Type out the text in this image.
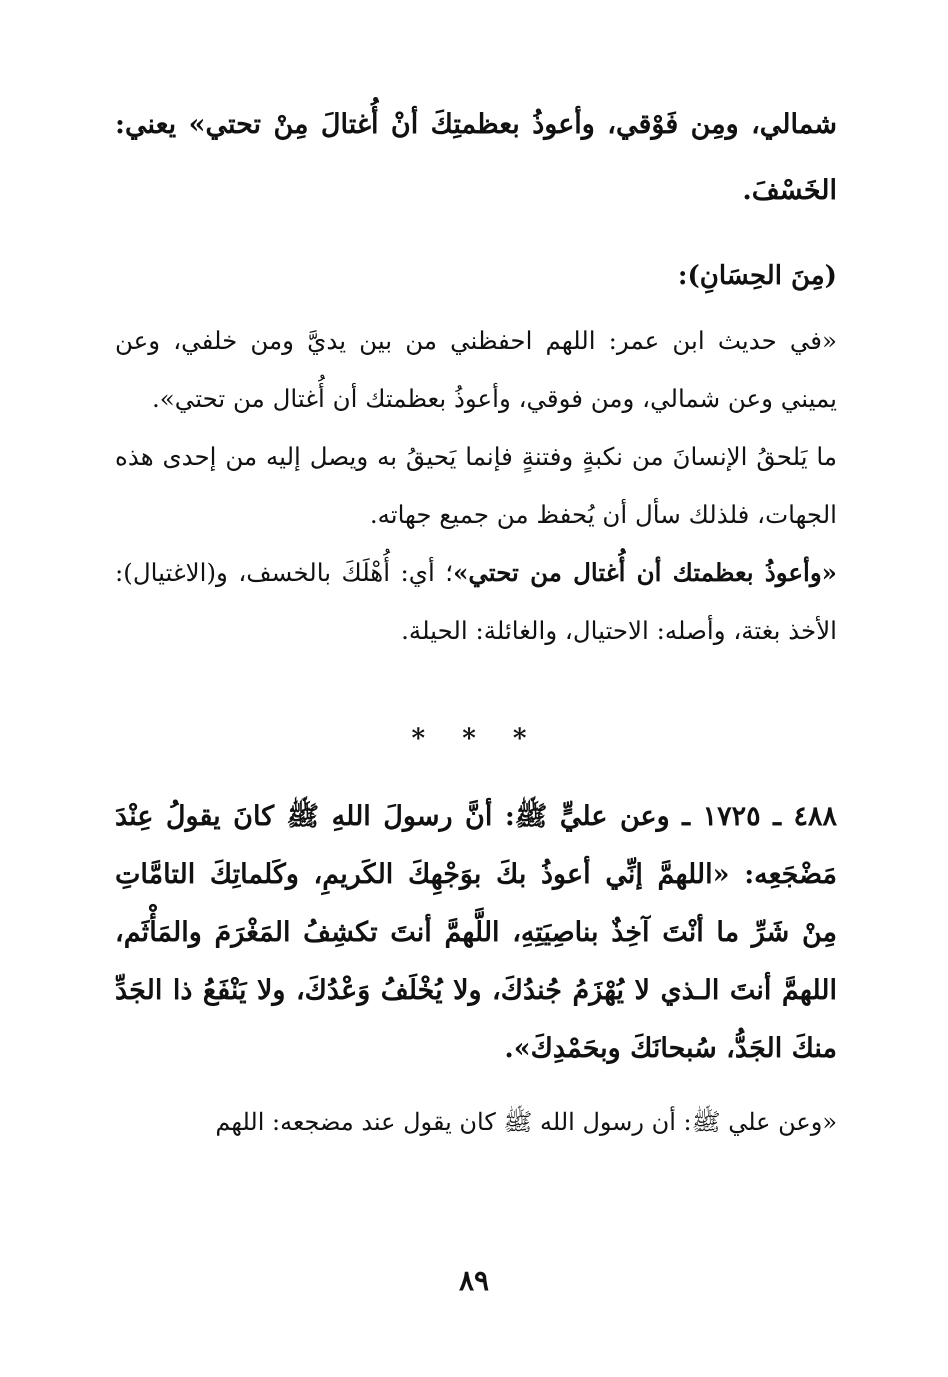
شمالي، ومِن فَوْقي، وأعوذُ بعظمتِكَ أنْ أُغتالَ مِنْ تحتي» يعني: الخَسْفَ.

(مِنَ الحِسَانِ):

«في حديث ابن عمر: اللهم احفظني من بين يديَّ ومن خلفي، وعن يميني وعن شمالي، ومن فوقي، وأعوذُ بعظمتك أن أُغتال من تحتي».

ما يَلحقُ الإنسانَ من نكبةٍ وفتنةٍ فإنما يَحيقُ به ويصل إليه من إحدى هذه الجهات، فلذلك سأل أن يُحفظ من جميع جهاته.

«وأعوذُ بعظمتك أن أُغتال من تحتي»؛ أي: أُهْلَكَ بالخسف، و(الاغتيال): الأخذ بغتة، وأصله: الاحتيال، والغائلة: الحيلة.

* * *

٤٨٨ ـ ١٧٢٥ ـ وعن عليٍّ ﷺ: أنَّ رسولَ اللهِ ﷺ كانَ يقولُ عِنْدَ مَضْجَعِه: «اللهمَّ إنِّي أعوذُ بكَ بوَجْهِكَ الكَريمِ، وكَلماتِكَ التامَّاتِ مِنْ شَرِّ ما أنْتَ آخِذٌ بناصِيَتِهِ، اللَّهمَّ أنتَ تكشِفُ المَغْرَمَ والمَأْثَم، اللهمَّ أنتَ الـذي لا يُهْزَمُ جُندُكَ، ولا يُخْلَفُ وَعْدُكَ، ولا يَنْفَعُ ذا الجَدِّ منكَ الجَدُّ، سُبحانَكَ وبحَمْدِكَ».

«وعن علي ﷺ: أن رسول الله ﷺ كان يقول عند مضجعه: اللهم

٨٩
